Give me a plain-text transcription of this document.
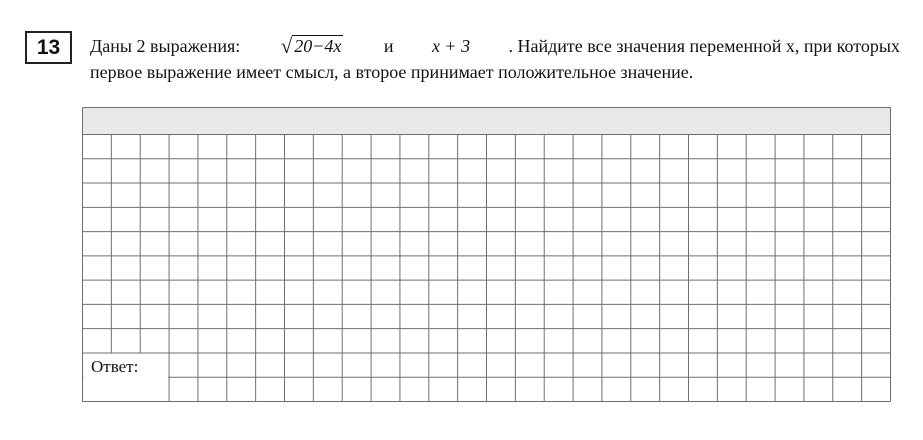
13	Даны 2 выражения: √ 20−4x и x + 3 . Найдите все значения переменной x, при которых
первое выражение имеет смысл, а второе принимает положительное значение.
Ответ:
